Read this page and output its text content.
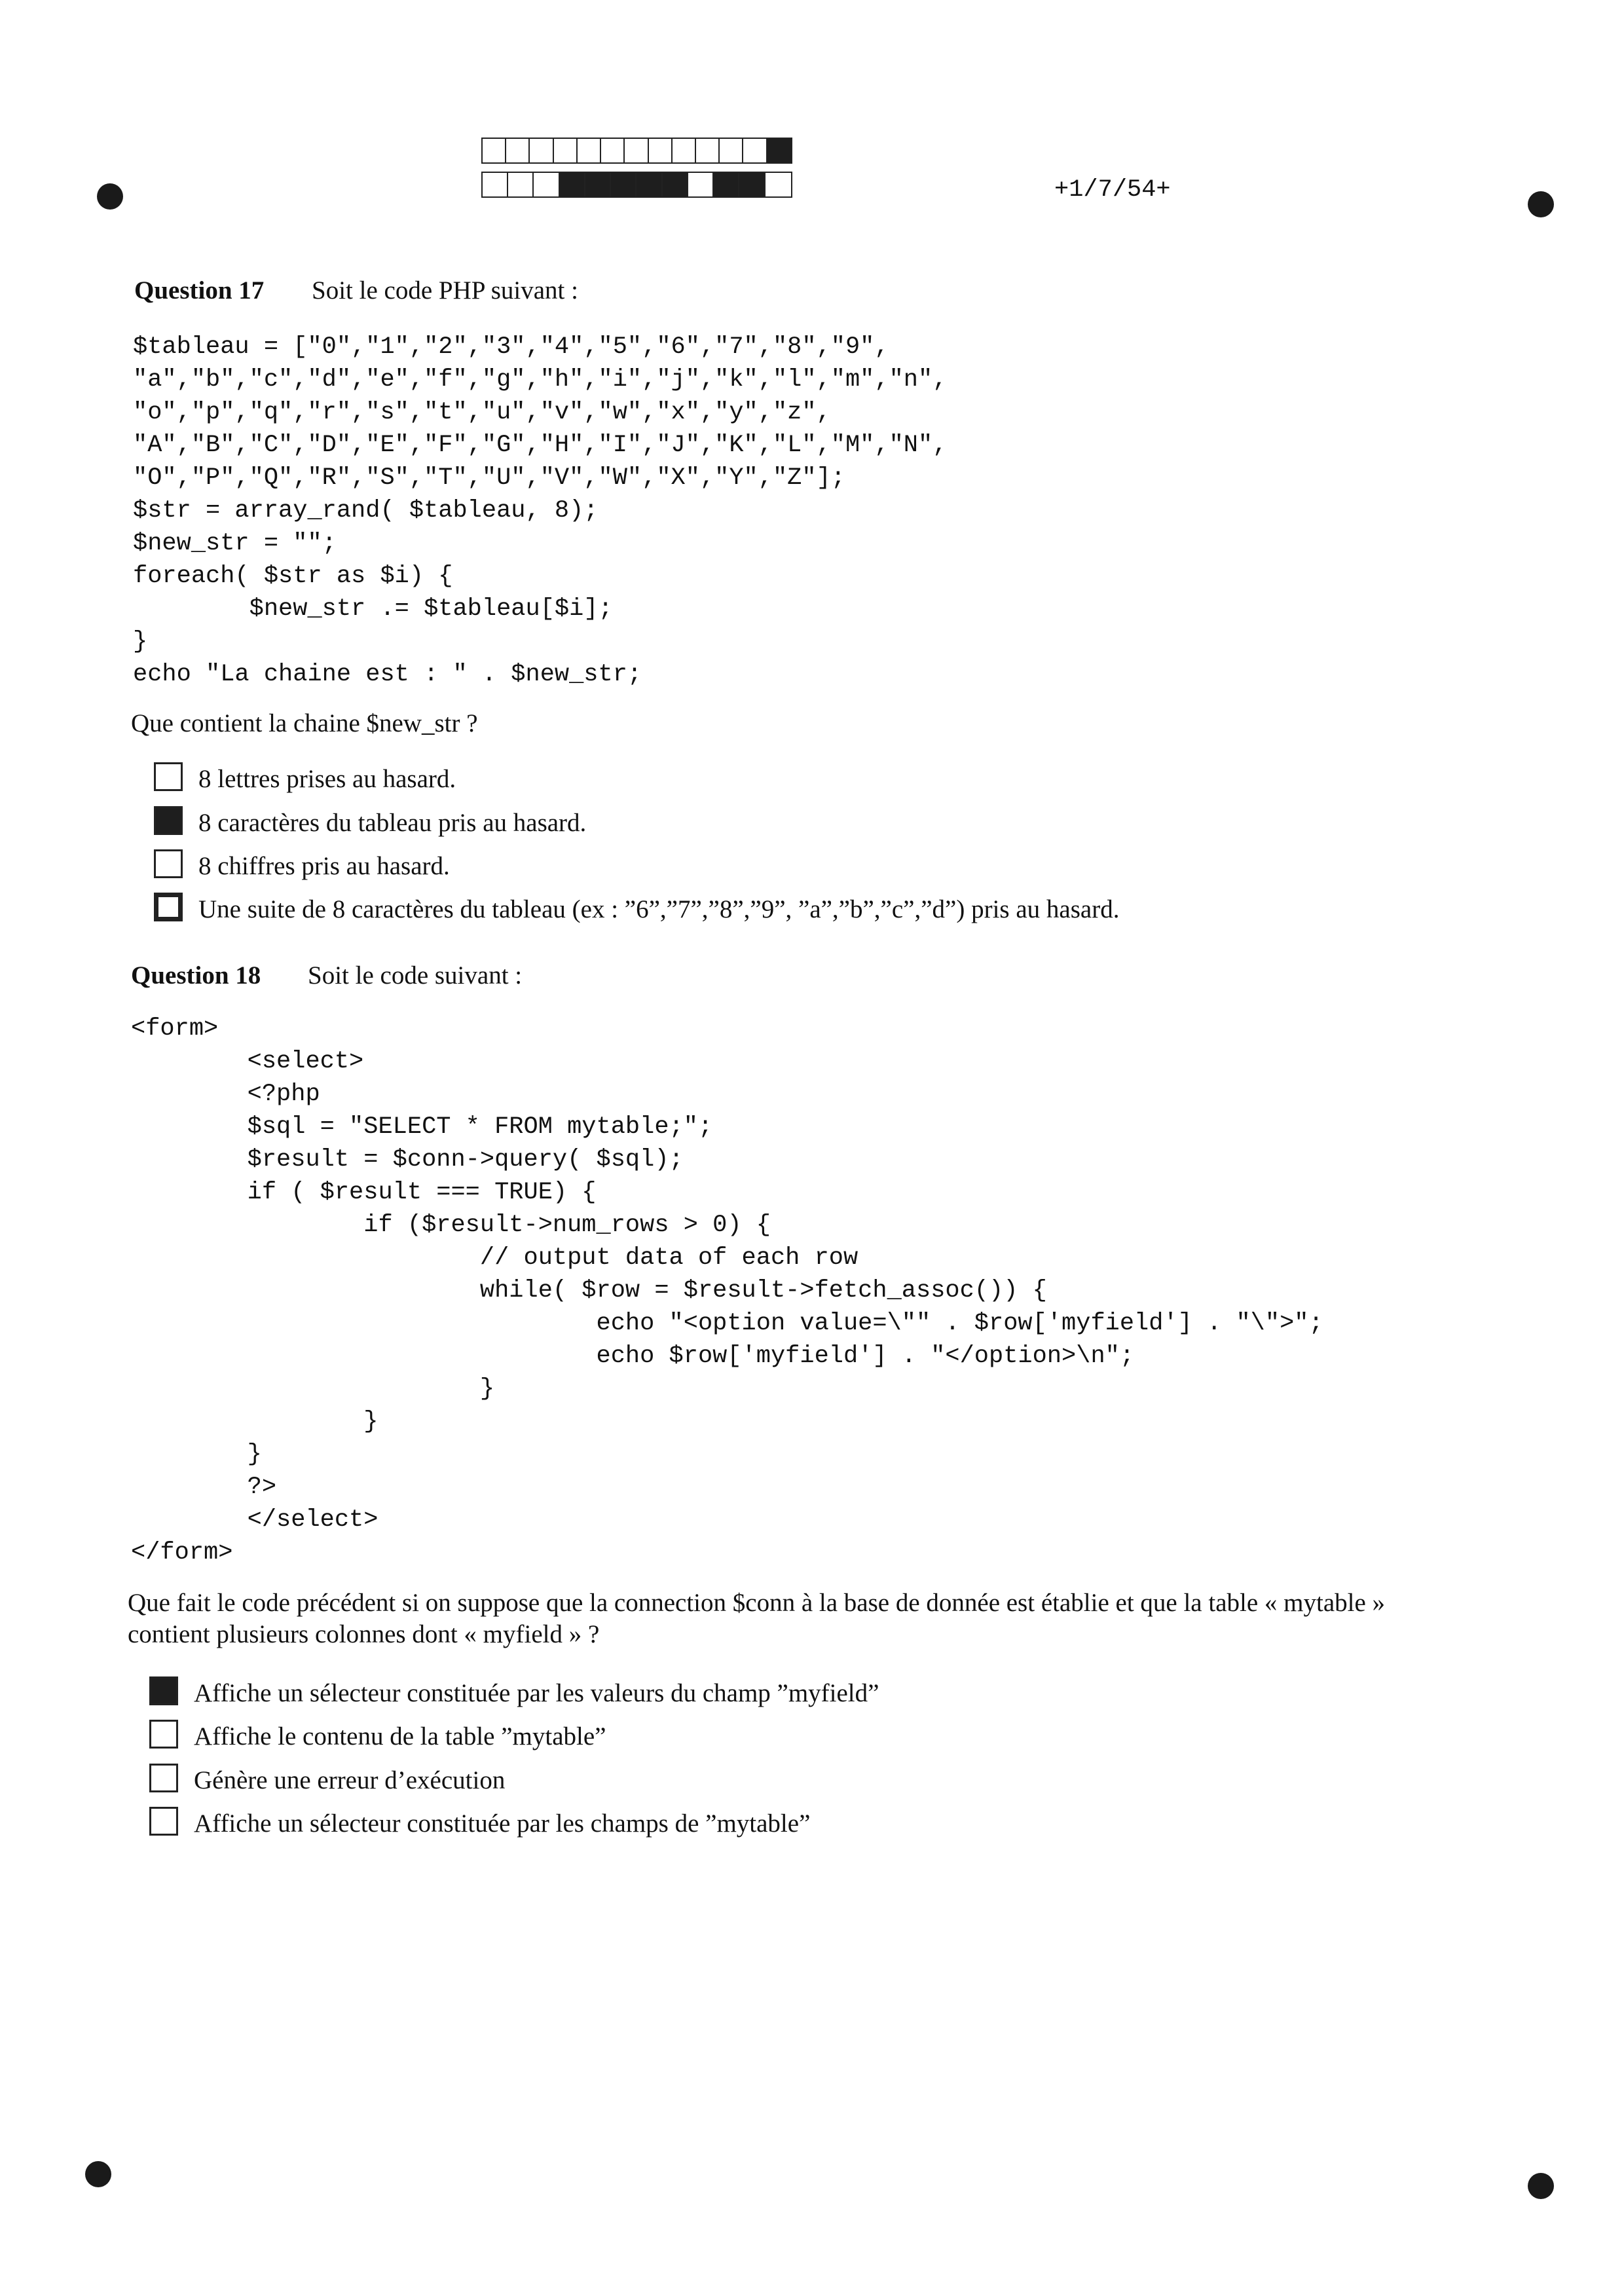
+1/7/54+
Question 17 Soit le code PHP suivant :
$tableau = ["0","1","2","3","4","5","6","7","8","9",
"a","b","c","d","e","f","g","h","i","j","k","l","m","n",
"o","p","q","r","s","t","u","v","w","x","y","z",
"A","B","C","D","E","F","G","H","I","J","K","L","M","N",
"O","P","Q","R","S","T","U","V","W","X","Y","Z"];
$str = array_rand( $tableau, 8);
$new_str = "";
foreach( $str as $i) {
$new_str .= $tableau[$i];
}
echo "La chaine est : " . $new_str;
Que contient la chaine $new_str ?
8 lettres prises au hasard.
8 caractères du tableau pris au hasard.
8 chiffres pris au hasard.
Une suite de 8 caractères du tableau (ex : ”6”,”7”,”8”,”9”, ”a”,”b”,”c”,”d”) pris au hasard.
Question 18 Soit le code suivant :
<form>
<select>
<?php
$sql = "SELECT * FROM mytable;";
$result = $conn->query( $sql);
if ( $result === TRUE) {
if ($result->num_rows > 0) {
// output data of each row
while( $row = $result->fetch_assoc()) {
echo "<option value=\"" . $row['myfield'] . "\">";
echo $row['myfield'] . "</option>\n";
}
}
}
?>
</select>
</form>
Que fait le code précédent si on suppose que la connection $conn à la base de donnée est établie et que la table « mytable »
contient plusieurs colonnes dont « myfield » ?
Affiche un sélecteur constituée par les valeurs du champ ”myfield”
Affiche le contenu de la table ”mytable”
Génère une erreur d’exécution
Affiche un sélecteur constituée par les champs de ”mytable”
